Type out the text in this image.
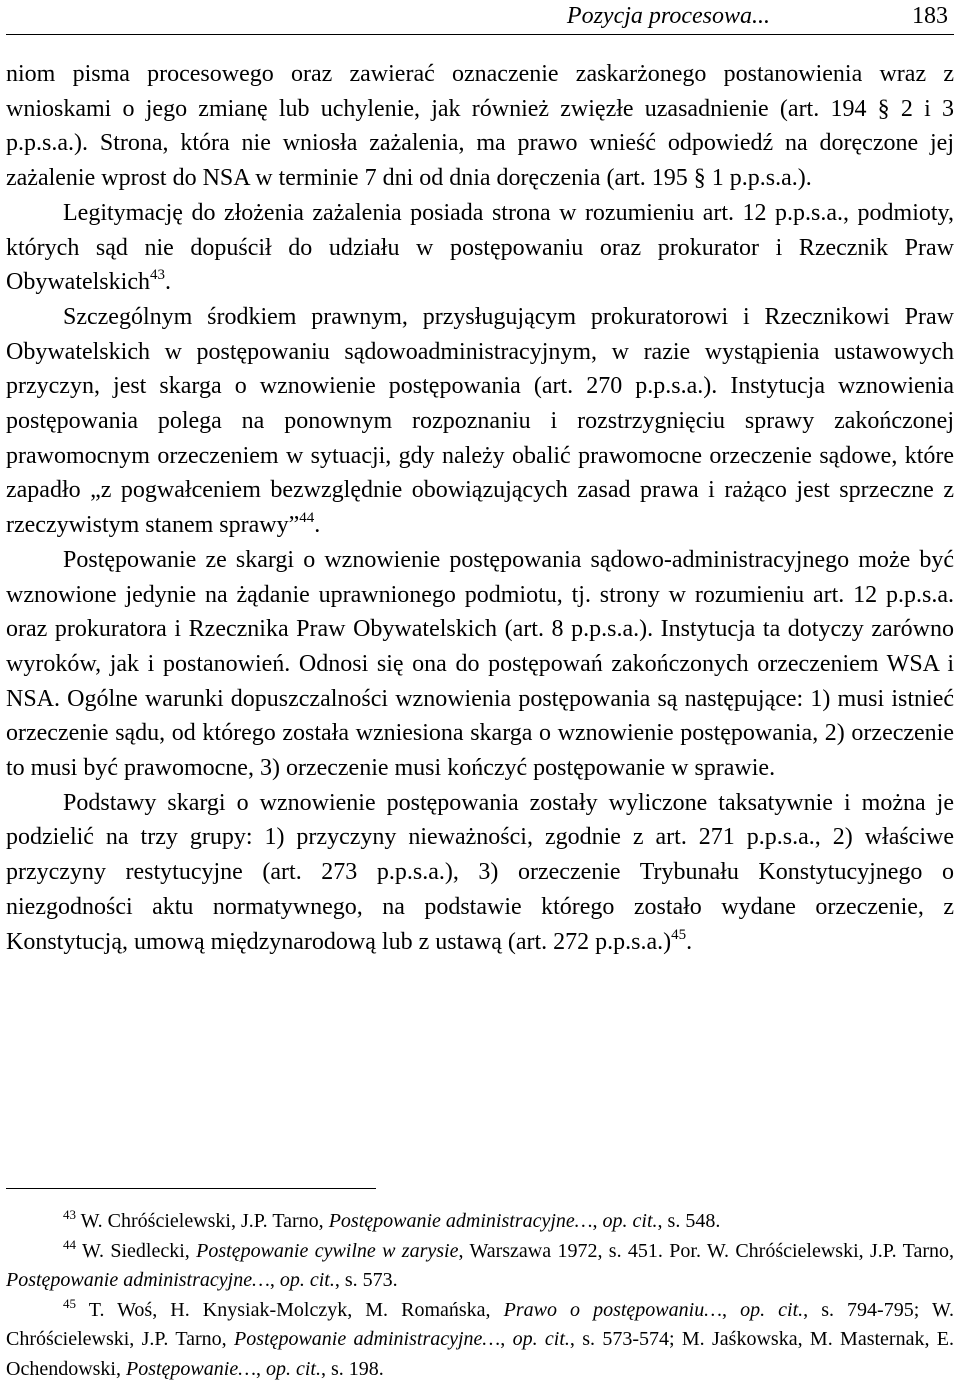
Pozycja procesowa...	183

niom pisma procesowego oraz zawierać oznaczenie zaskarżonego postanowienia wraz z wnioskami o jego zmianę lub uchylenie, jak również zwięzłe uzasadnienie (art. 194 § 2 i 3 p.p.s.a.). Strona, która nie wniosła zażalenia, ma prawo wnieść odpowiedź na doręczone jej zażalenie wprost do NSA w terminie 7 dni od dnia doręczenia (art. 195 § 1 p.p.s.a.).

Legitymację do złożenia zażalenia posiada strona w rozumieniu art. 12 p.p.s.a., podmioty, których sąd nie dopuścił do udziału w postępowaniu oraz prokurator i Rzecznik Praw Obywatelskich$^{43}$.

Szczególnym środkiem prawnym, przysługującym prokuratorowi i Rzecznikowi Praw Obywatelskich w postępowaniu sądowoadministracyjnym, w razie wystąpienia ustawowych przyczyn, jest skarga o wznowienie postępowania (art. 270 p.p.s.a.). Instytucja wznowienia postępowania polega na ponownym rozpoznaniu i rozstrzygnięciu sprawy zakończonej prawomocnym orzeczeniem w sytuacji, gdy należy obalić prawomocne orzeczenie sądowe, które zapadło „z pogwałceniem bezwzględnie obowiązujących zasad prawa i rażąco jest sprzeczne z rzeczywistym stanem sprawy”$^{44}$.

Postępowanie ze skargi o wznowienie postępowania sądowo-administracyjnego może być wznowione jedynie na żądanie uprawnionego podmiotu, tj. strony w rozumieniu art. 12 p.p.s.a. oraz prokuratora i Rzecznika Praw Obywatelskich (art. 8 p.p.s.a.). Instytucja ta dotyczy zarówno wyroków, jak i postanowień. Odnosi się ona do postępowań zakończonych orzeczeniem WSA i NSA. Ogólne warunki dopuszczalności wznowienia postępowania są następujące: 1) musi istnieć orzeczenie sądu, od którego została wzniesiona skarga o wznowienie postępowania, 2) orzeczenie to musi być prawomocne, 3) orzeczenie musi kończyć postępowanie w sprawie.

Podstawy skargi o wznowienie postępowania zostały wyliczone taksatywnie i można je podzielić na trzy grupy: 1) przyczyny nieważności, zgodnie z art. 271 p.p.s.a., 2) właściwe przyczyny restytucyjne (art. 273 p.p.s.a.), 3) orzeczenie Trybunału Konstytucyjnego o niezgodności aktu normatywnego, na podstawie którego zostało wydane orzeczenie, z Konstytucją, umową międzynarodową lub z ustawą (art. 272 p.p.s.a.)$^{45}$.

$^{43}$ W. Chróścielewski, J.P. Tarno, Postępowanie administracyjne…, op. cit., s. 548.

$^{44}$ W. Siedlecki, Postępowanie cywilne w zarysie, Warszawa 1972, s. 451. Por. W. Chróścielewski, J.P. Tarno, Postępowanie administracyjne…, op. cit., s. 573.

$^{45}$ T. Woś, H. Knysiak-Molczyk, M. Romańska, Prawo o postępowaniu…, op. cit., s. 794-795; W. Chróścielewski, J.P. Tarno, Postępowanie administracyjne…, op. cit., s. 573-574; M. Jaśkowska, M. Masternak, E. Ochendowski, Postępowanie…, op. cit., s. 198.
